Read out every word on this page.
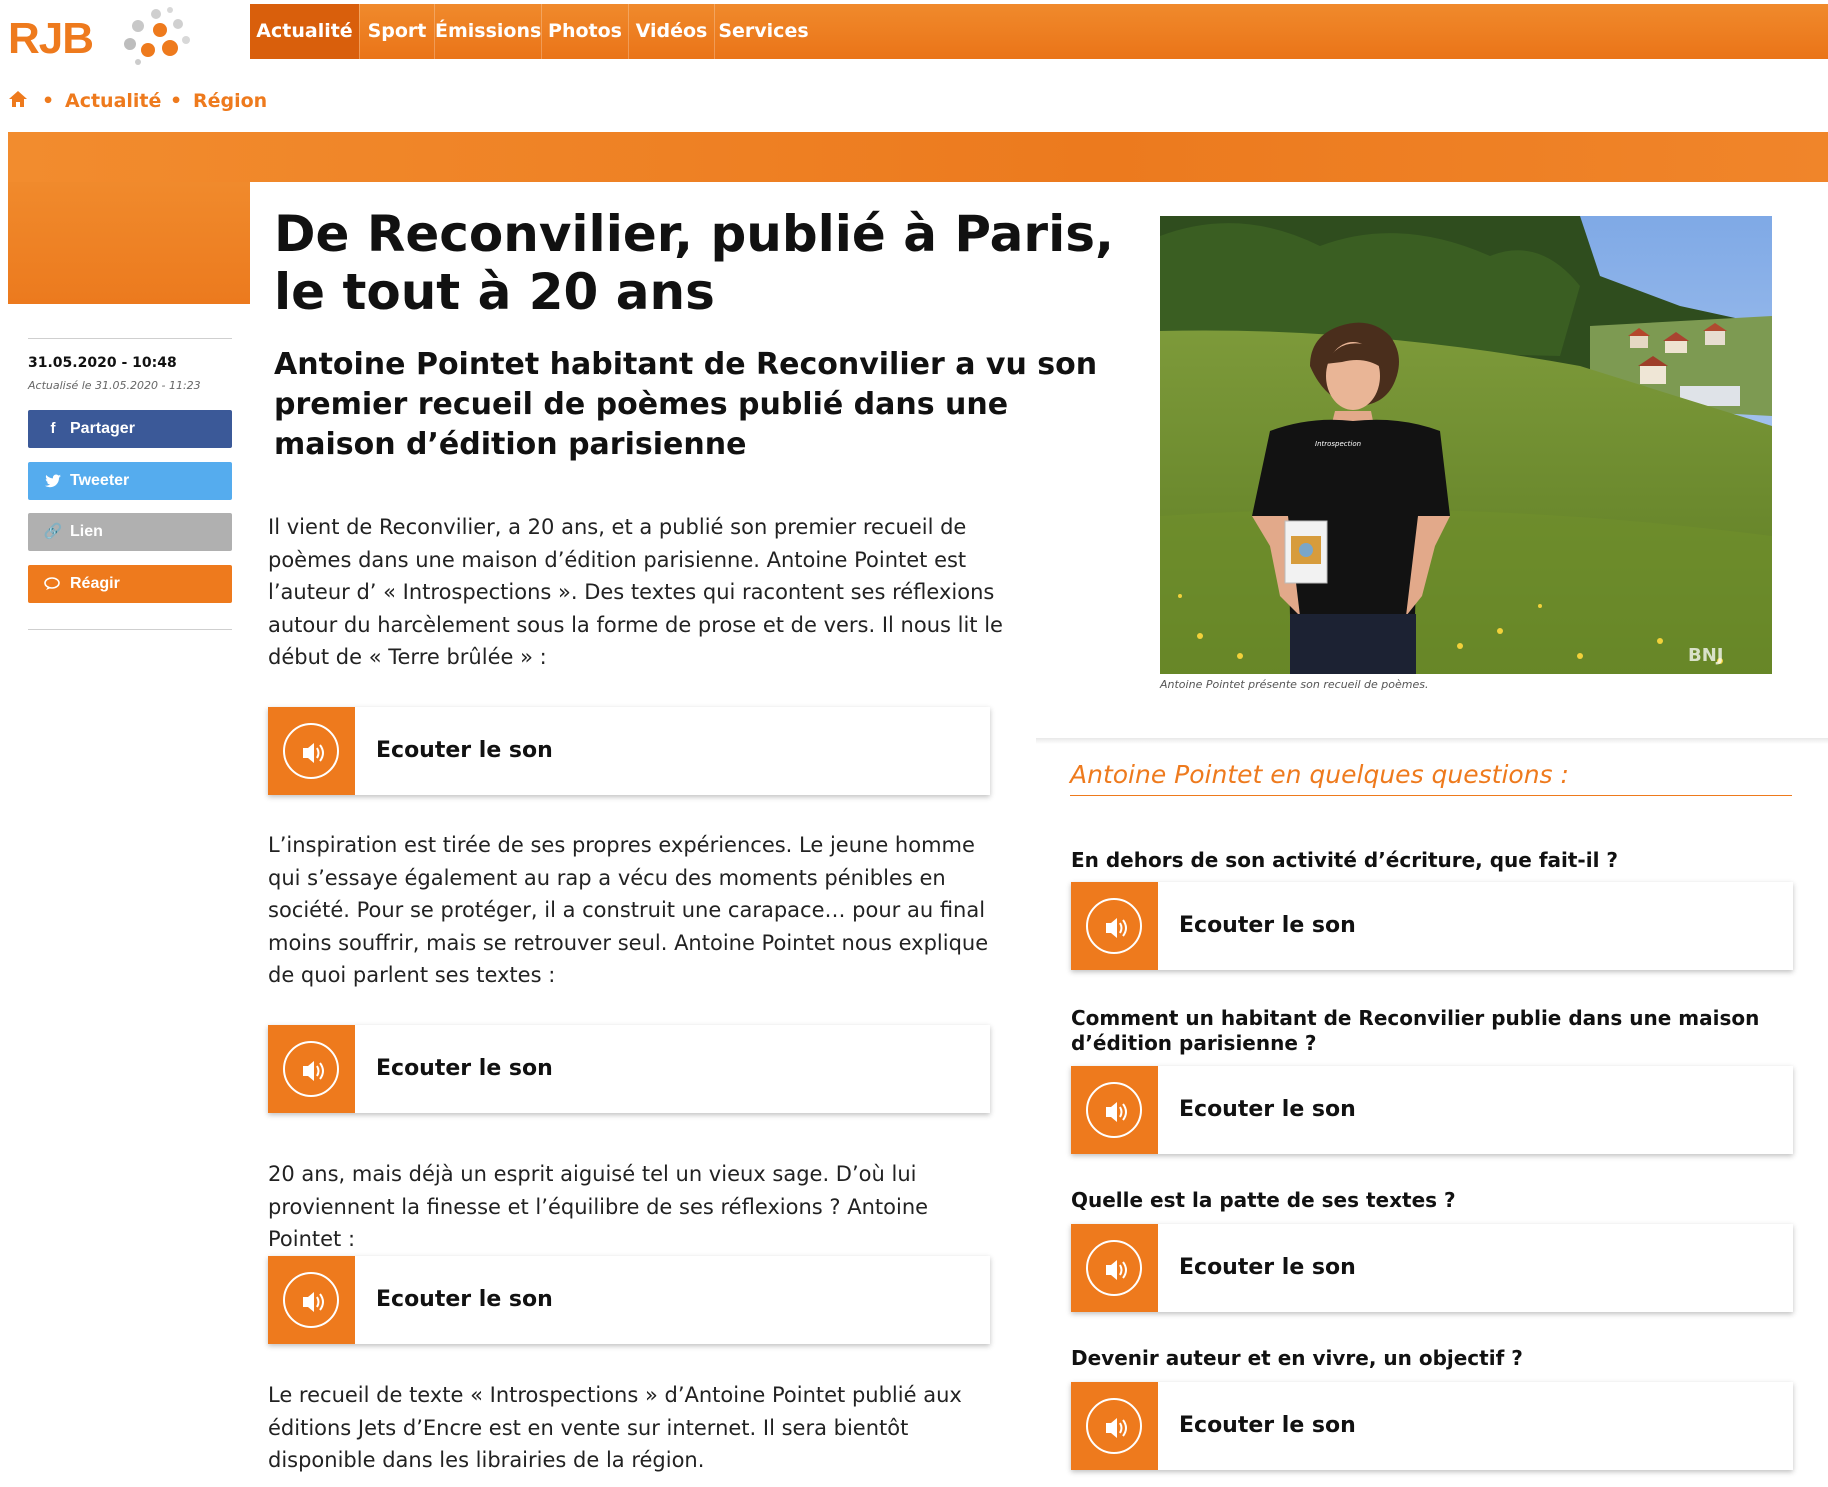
RJB	Actualité Sport Émissions Photos Vidéos Services
• Actualité • Région
31.05.2020 - 10:48
Actualisé le 31.05.2020 - 11:23
f Partager
Tweeter
🔗 Lien
Réagir
De Reconvilier, publié à Paris, le tout à 20 ans
Antoine Pointet habitant de Reconvilier a vu son premier recueil de poèmes publié dans une maison d’édition parisienne

Il vient de Reconvilier, a 20 ans, et a publié son premier recueil de poèmes dans une maison d’édition parisienne. Antoine Pointet est l’auteur d’ « Introspections ». Des textes qui racontent ses réflexions autour du harcèlement sous la forme de prose et de vers. Il nous lit le début de « Terre brûlée » :

Ecouter le son

L’inspiration est tirée de ses propres expériences. Le jeune homme qui s’essaye également au rap a vécu des moments pénibles en société. Pour se protéger, il a construit une carapace… pour au final moins souffrir, mais se retrouver seul. Antoine Pointet nous explique de quoi parlent ses textes :

Ecouter le son

20 ans, mais déjà un esprit aiguisé tel un vieux sage. D’où lui proviennent la finesse et l’équilibre de ses réflexions ? Antoine Pointet :

Ecouter le son

Le recueil de texte « Introspections » d’Antoine Pointet publié aux éditions Jets d’Encre est en vente sur internet. Il sera bientôt disponible dans les librairies de la région.

Introspection
BNJ
Antoine Pointet présente son recueil de poèmes.
Antoine Pointet en quelques questions :
En dehors de son activité d’écriture, que fait-il ?
Ecouter le son
Comment un habitant de Reconvilier publie dans une maison d’édition parisienne ?
Ecouter le son
Quelle est la patte de ses textes ?
Ecouter le son
Devenir auteur et en vivre, un objectif ?
Ecouter le son
